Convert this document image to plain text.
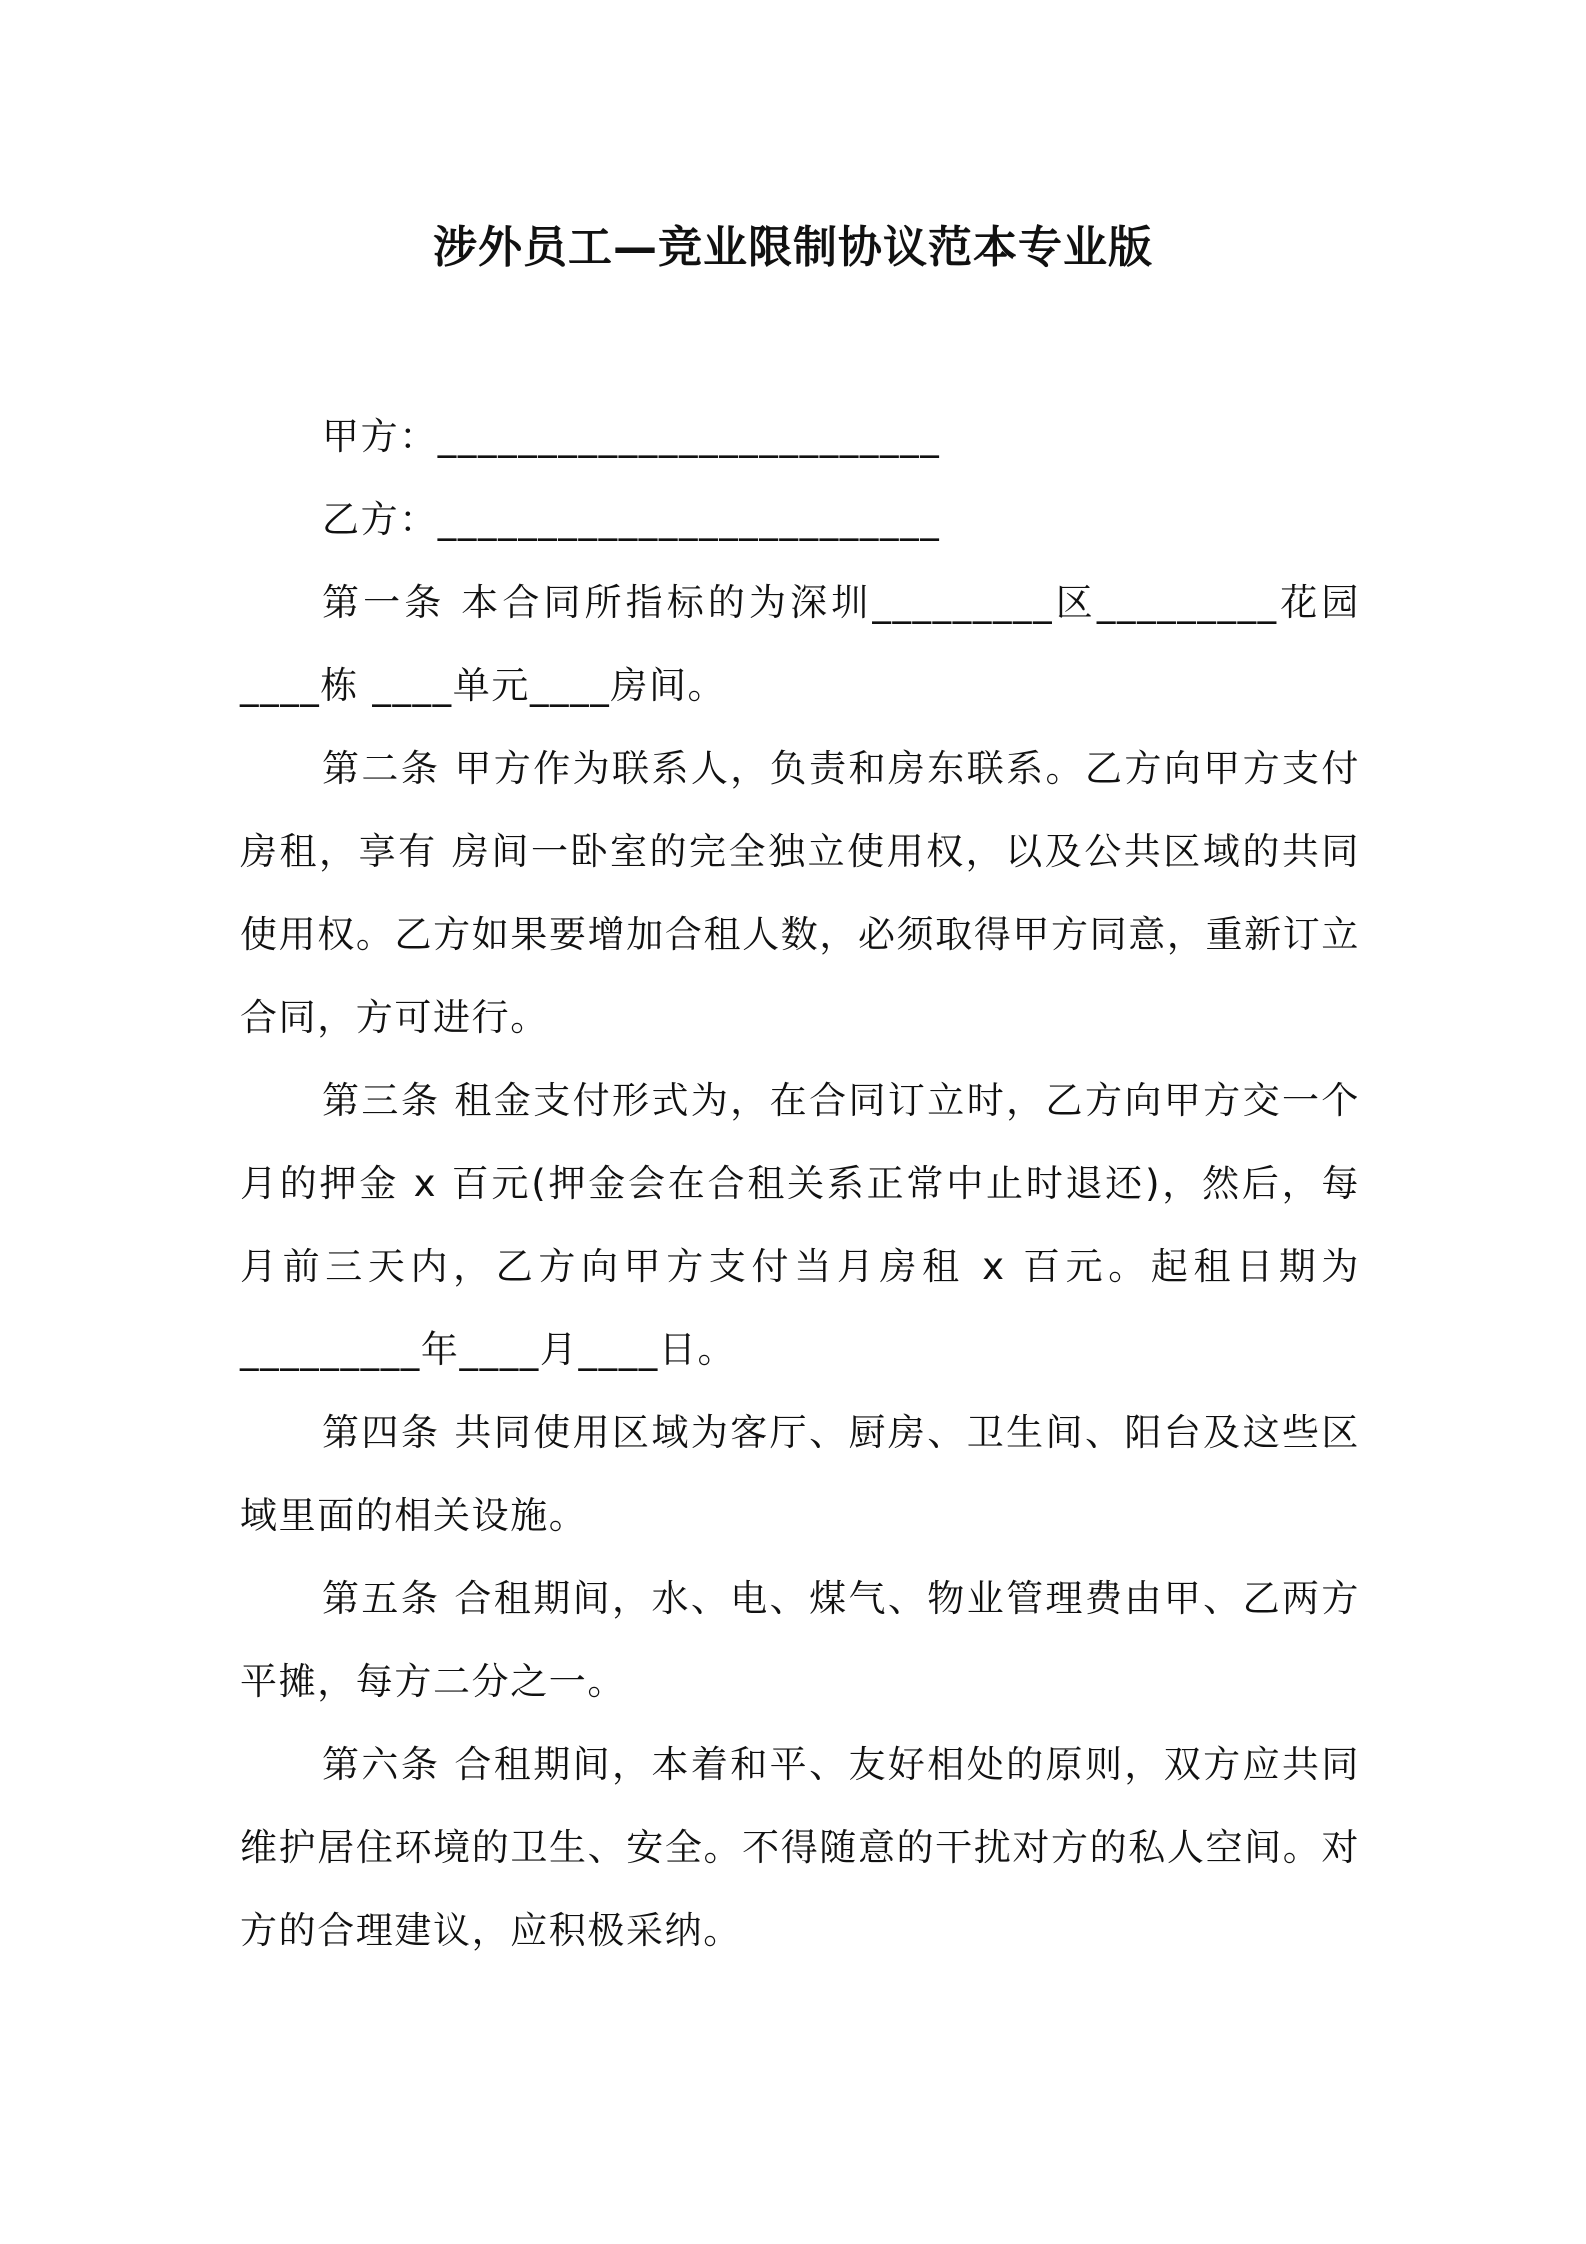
涉外员工—竞业限制协议范本专业版

甲方：_________________________

乙方：_________________________

第一条 本合同所指标的为深圳_________区_________花园____栋 ____单元____房间。

第二条 甲方作为联系人，负责和房东联系。乙方向甲方支付房租，享有 房间一卧室的完全独立使用权，以及公共区域的共同使用权。乙方如果要增加合租人数，必须取得甲方同意，重新订立合同，方可进行。

第三条 租金支付形式为，在合同订立时，乙方向甲方交一个月的押金 x 百元(押金会在合租关系正常中止时退还)，然后，每月前三天内，乙方向甲方支付当月房租 x 百元。起租日期为_________年____月____日。

第四条 共同使用区域为客厅、厨房、卫生间、阳台及这些区域里面的相关设施。

第五条 合租期间，水、电、煤气、物业管理费由甲、乙两方平摊，每方二分之一。

第六条 合租期间，本着和平、友好相处的原则，双方应共同维护居住环境的卫生、安全。不得随意的干扰对方的私人空间。对方的合理建议，应积极采纳。
